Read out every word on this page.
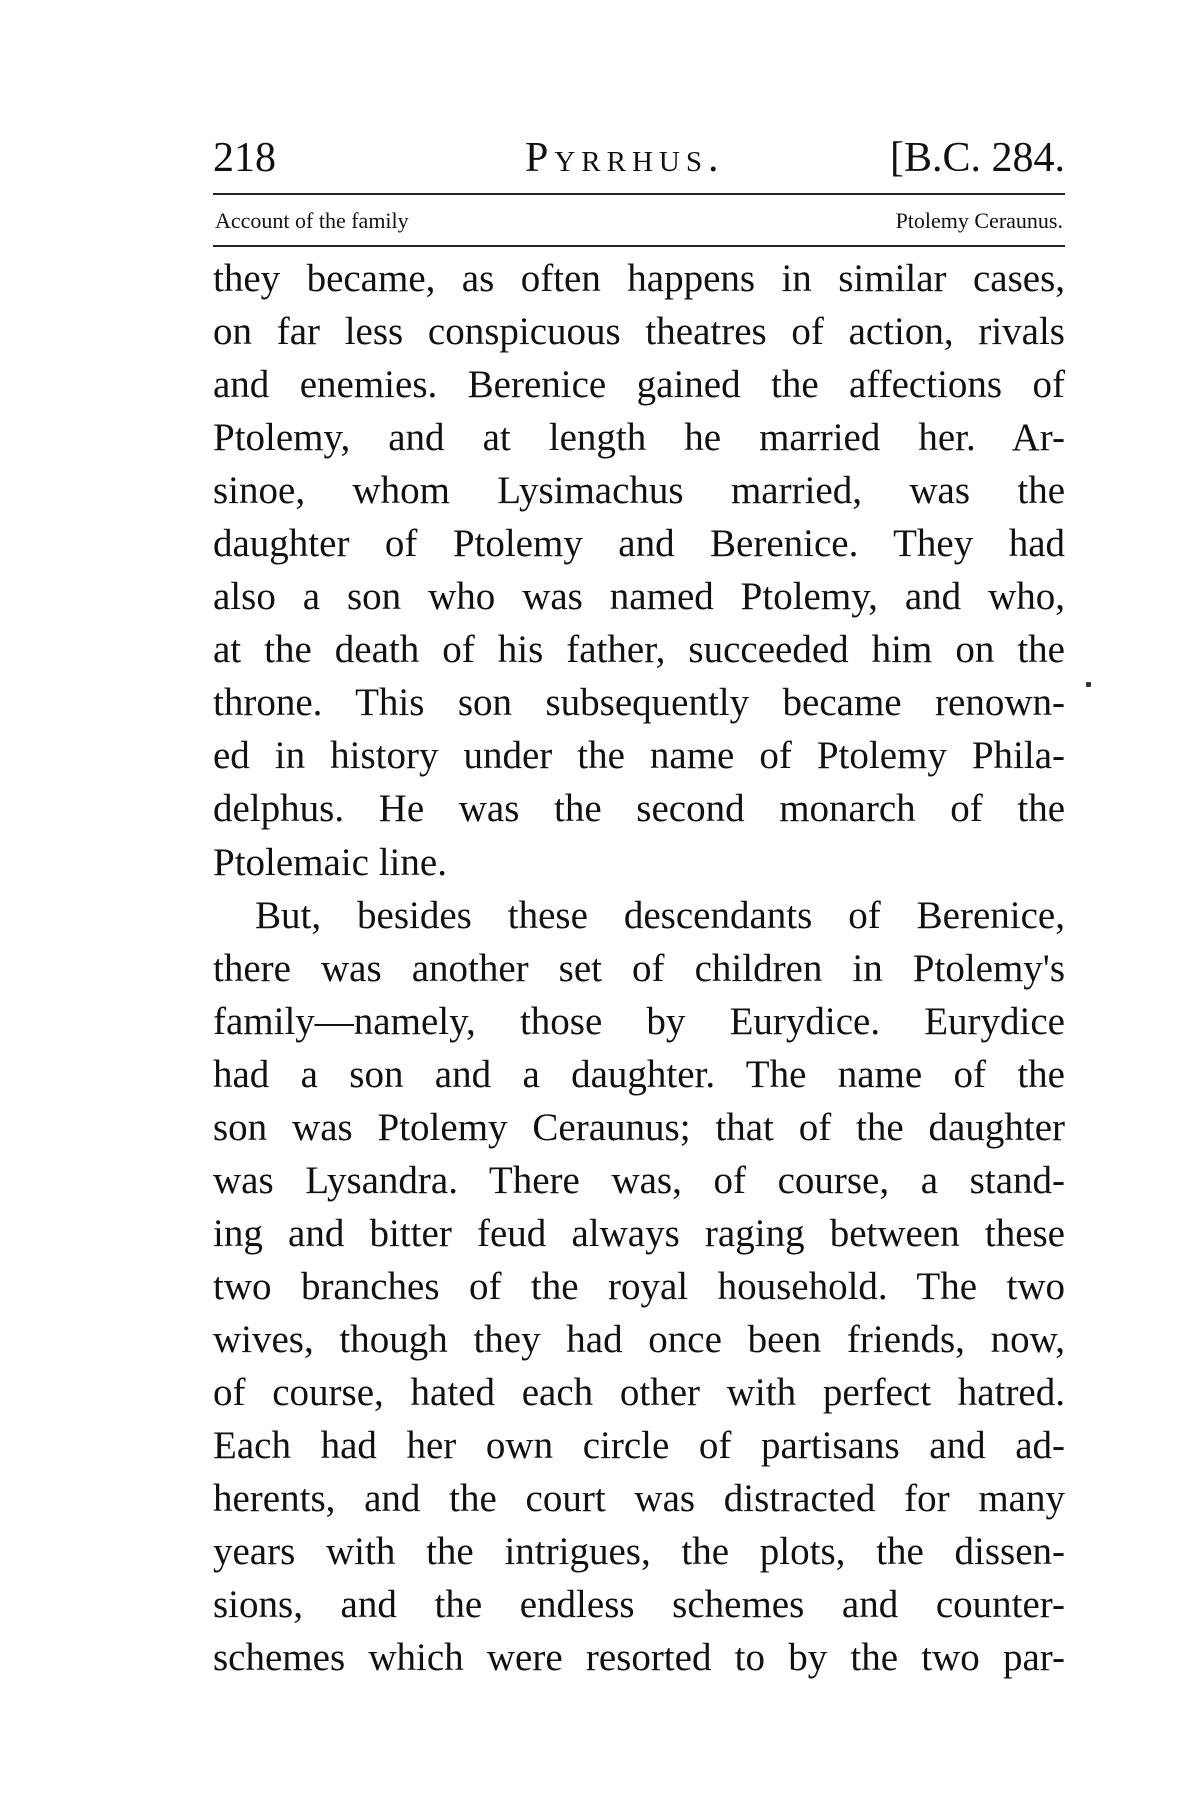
218	Pyrrhus.	[B.C. 284.
Account of the family	Ptolemy Ceraunus.
they became, as often happens in similar cases,
on far less conspicuous theatres of action, rivals
and enemies. Berenice gained the affections of
Ptolemy, and at length he married her. Ar-
sinoe, whom Lysimachus married, was the
daughter of Ptolemy and Berenice. They had
also a son who was named Ptolemy, and who,
at the death of his father, succeeded him on the
throne. This son subsequently became renown-
ed in history under the name of Ptolemy Phila-
delphus. He was the second monarch of the
Ptolemaic line.
But, besides these descendants of Berenice,
there was another set of children in Ptolemy's
family—namely, those by Eurydice. Eurydice
had a son and a daughter. The name of the
son was Ptolemy Ceraunus; that of the daughter
was Lysandra. There was, of course, a stand-
ing and bitter feud always raging between these
two branches of the royal household. The two
wives, though they had once been friends, now,
of course, hated each other with perfect hatred.
Each had her own circle of partisans and ad-
herents, and the court was distracted for many
years with the intrigues, the plots, the dissen-
sions, and the endless schemes and counter-
schemes which were resorted to by the two par-
